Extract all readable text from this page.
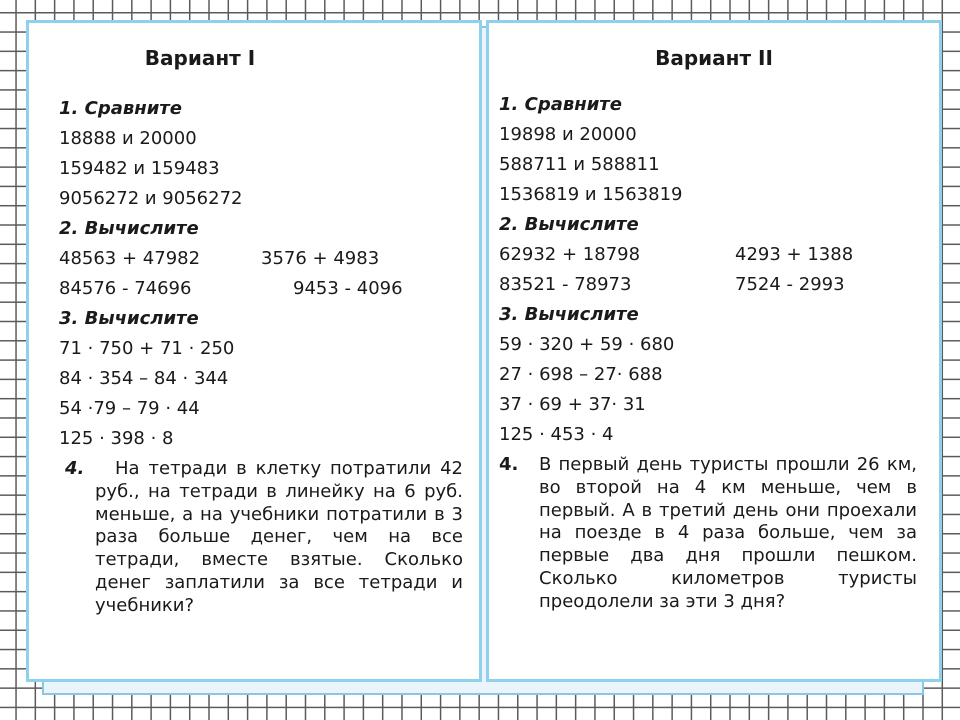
Вариант I
1. Сравните
18888 и 20000
159482 и 159483
9056272 и 9056272
2. Вычислите
48563 + 47982	3576 + 4983
84576 - 74696	9453 - 4096
3. Вычислите
71 · 750 + 71 · 250
84 · 354 – 84 · 344
54 ·79 – 79 · 44
125 · 398 · 8
4.	На тетради в клетку потратили 42 руб., на тетради в линейку на 6 руб. меньше, а на учебники потратили в 3 раза больше денег, чем на все тетради, вместе взятые. Сколько денег заплатили за все тетради и учебники?
Вариант II
1. Сравните
19898 и 20000
588711 и 588811
1536819 и 1563819
2. Вычислите
62932 + 18798	4293 + 1388
83521 - 78973	7524 - 2993
3. Вычислите
59 · 320 + 59 · 680
27 · 698 – 27· 688
37 · 69 + 37· 31
125 · 453 · 4
4.	В первый день туристы прошли 26 км, во второй на 4 км меньше, чем в первый. А в третий день они проехали на поезде в 4 раза больше, чем за первые два дня прошли пешком. Сколько километров туристы преодолели за эти 3 дня?
